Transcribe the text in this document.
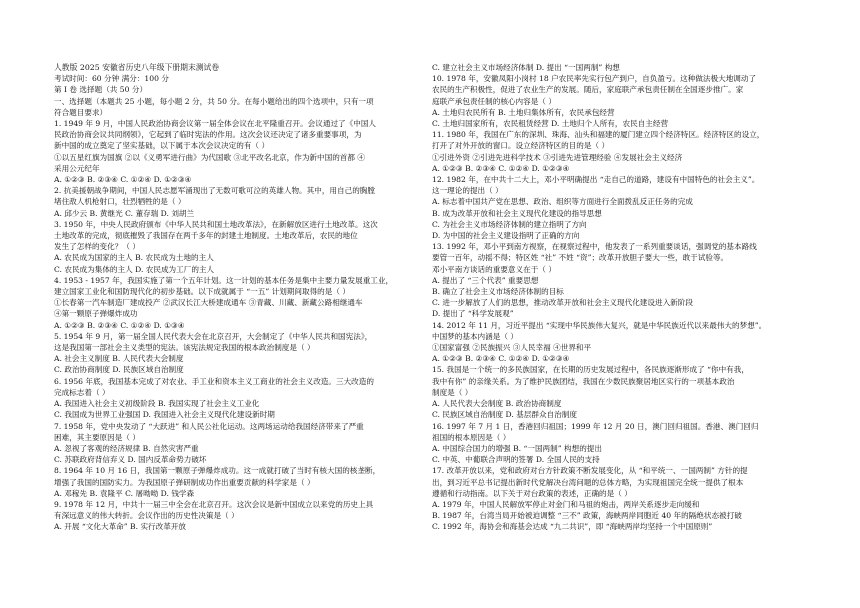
人教版 2025 安徽省历史八年级下册期末测试卷
考试时间：60 分钟 满分：100 分
第 Ⅰ 卷 选择题（共 50 分）
一、选择题（本题共 25 小题，每小题 2 分，共 50 分。在每小题给出的四个选项中，只有一项
符合题目要求）
1. 1949 年 9 月，中国人民政治协商会议第一届全体会议在北平隆重召开。会议通过了《中国人
民政治协商会议共同纲领》，它起到了临时宪法的作用。这次会议还决定了诸多重要事项，为
新中国的成立奠定了坚实基础，以下属于本次会议决定的有（ ）
①以五星红旗为国旗 ②以《义勇军进行曲》为代国歌 ③北平改名北京，作为新中国的首都 ④
采用公元纪年
A. ①②③ B. ②③④ C. ①②④ D. ①②③④
2. 抗美援朝战争期间，中国人民志愿军涌现出了无数可歌可泣的英雄人物。其中，用自己的胸膛
堵住敌人机枪射口，壮烈牺牲的是（ ）
A. 邱少云 B. 黄继光 C. 董存瑞 D. 刘胡兰
3. 1950 年，中央人民政府颁布《中华人民共和国土地改革法》，在新解放区进行土地改革。这次
土地改革的完成，彻底摧毁了我国存在两千多年的封建土地制度。土地改革后，农民的地位
发生了怎样的变化？（ ）
A. 农民成为国家的主人 B. 农民成为土地的主人
C. 农民成为集体的主人 D. 农民成为工厂的主人
4. 1953 - 1957 年，我国实施了第一个五年计划。这一计划的基本任务是集中主要力量发展重工业，
建立国家工业化和国防现代化的初步基础。以下成就属于 “一五” 计划期间取得的是（ ）
①长春第一汽车制造厂建成投产 ②武汉长江大桥建成通车 ③青藏、川藏、新藏公路相继通车
④第一颗原子弹爆炸成功
A. ①②③ B. ②③④ C. ①②④ D. ①③④
5. 1954 年 9 月，第一届全国人民代表大会在北京召开，大会制定了《中华人民共和国宪法》，
这是我国第一部社会主义类型的宪法。该宪法规定我国的根本政治制度是（ ）
A. 社会主义制度 B. 人民代表大会制度
C. 政治协商制度 D. 民族区域自治制度
6. 1956 年底，我国基本完成了对农业、手工业和资本主义工商业的社会主义改造。三大改造的
完成标志着（ ）
A. 我国进入社会主义初级阶段 B. 我国实现了社会主义工业化
C. 我国成为世界工业强国 D. 我国进入社会主义现代化建设新时期
7. 1958 年，党中央发动了 “大跃进” 和人民公社化运动。这两场运动给我国经济带来了严重
困难，其主要原因是（ ）
A. 忽视了客观的经济规律 B. 自然灾害严重
C. 苏联政府背信弃义 D. 国内反革命势力破坏
8. 1964 年 10 月 16 日，我国第一颗原子弹爆炸成功。这一成就打破了当时有核大国的核垄断，
增强了我国的国防实力。为我国原子弹研制成功作出重要贡献的科学家是（ ）
A. 邓稼先 B. 袁隆平 C. 屠呦呦 D. 钱学森
9. 1978 年 12 月，中共十一届三中全会在北京召开。这次会议是新中国成立以来党的历史上具
有深远意义的伟大转折。会议作出的历史性决策是（ ）
A. 开展 “文化大革命” B. 实行改革开放
C. 建立社会主义市场经济体制 D. 提出 “一国两制” 构想
10. 1978 年，安徽凤阳小岗村 18 户农民率先实行包产到户，自负盈亏。这种做法极大地调动了
农民的生产积极性，促进了农业生产的发展。随后，家庭联产承包责任制在全国逐步推广。家
庭联产承包责任制的核心内容是（ ）
A. 土地归农民所有 B. 土地归集体所有，农民承包经营
C. 土地归国家所有，农民租赁经营 D. 土地归个人所有，农民自主经营
11. 1980 年，我国在广东的深圳、珠海、汕头和福建的厦门建立四个经济特区。经济特区的设立，
打开了对外开放的窗口。设立经济特区的目的是（ ）
①引进外资 ②引进先进科学技术 ③引进先进管理经验 ④发展社会主义经济
A. ①②③ B. ②③④ C. ①②④ D. ①②③④
12. 1982 年，在中共十二大上，邓小平明确提出 “走自己的道路，建设有中国特色的社会主义”。
这一理论的提出（ ）
A. 标志着中国共产党在思想、政治、组织等方面进行全面拨乱反正任务的完成
B. 成为改革开放和社会主义现代化建设的指导思想
C. 为社会主义市场经济体制的建立指明了方向
D. 为中国的社会主义建设指明了正确的方向
13. 1992 年，邓小平到南方视察，在视察过程中，他发表了一系列重要谈话，强调党的基本路线
要管一百年，动摇不得；特区姓 “社” 不姓 “资”；改革开放胆子要大一些，敢于试验等。
邓小平南方谈话的重要意义在于（ ）
A. 提出了 “三个代表” 重要思想
B. 确立了社会主义市场经济体制的目标
C. 进一步解放了人们的思想，推动改革开放和社会主义现代化建设进入新阶段
D. 提出了 “科学发展观”
14. 2012 年 11 月，习近平提出 “实现中华民族伟大复兴，就是中华民族近代以来最伟大的梦想”。
中国梦的基本内涵是（ ）
①国家富强 ②民族振兴 ③人民幸福 ④世界和平
A. ①②③ B. ②③④ C. ①②④ D. ①②③④
15. 我国是一个统一的多民族国家，在长期的历史发展过程中，各民族逐渐形成了 “你中有我，
我中有你” 的亲缘关系。为了维护民族团结，我国在少数民族聚居地区实行的一项基本政治
制度是（ ）
A. 人民代表大会制度 B. 政治协商制度
C. 民族区域自治制度 D. 基层群众自治制度
16. 1997 年 7 月 1 日，香港回归祖国；1999 年 12 月 20 日，澳门回归祖国。香港、澳门回归
祖国的根本原因是（ ）
A. 中国综合国力的增强 B. “一国两制” 构想的提出
C. 中英、中葡联合声明的签署 D. 全国人民的支持
17. 改革开放以来，党和政府对台方针政策不断发展变化，从 “和平统一、一国两制” 方针的提
出，到习近平总书记提出新时代党解决台湾问题的总体方略，为实现祖国完全统一提供了根本
遵循和行动指南。以下关于对台政策的表述，正确的是（ ）
A. 1979 年，中国人民解放军停止对金门和马祖的炮击，两岸关系逐步走向缓和
B. 1987 年，台湾当局开始被迫调整 “三不” 政策，海峡两岸同胞近 40 年的隔绝状态被打破
C. 1992 年，海协会和海基会达成 “九二共识”，即 “海峡两岸均坚持一个中国原则”
